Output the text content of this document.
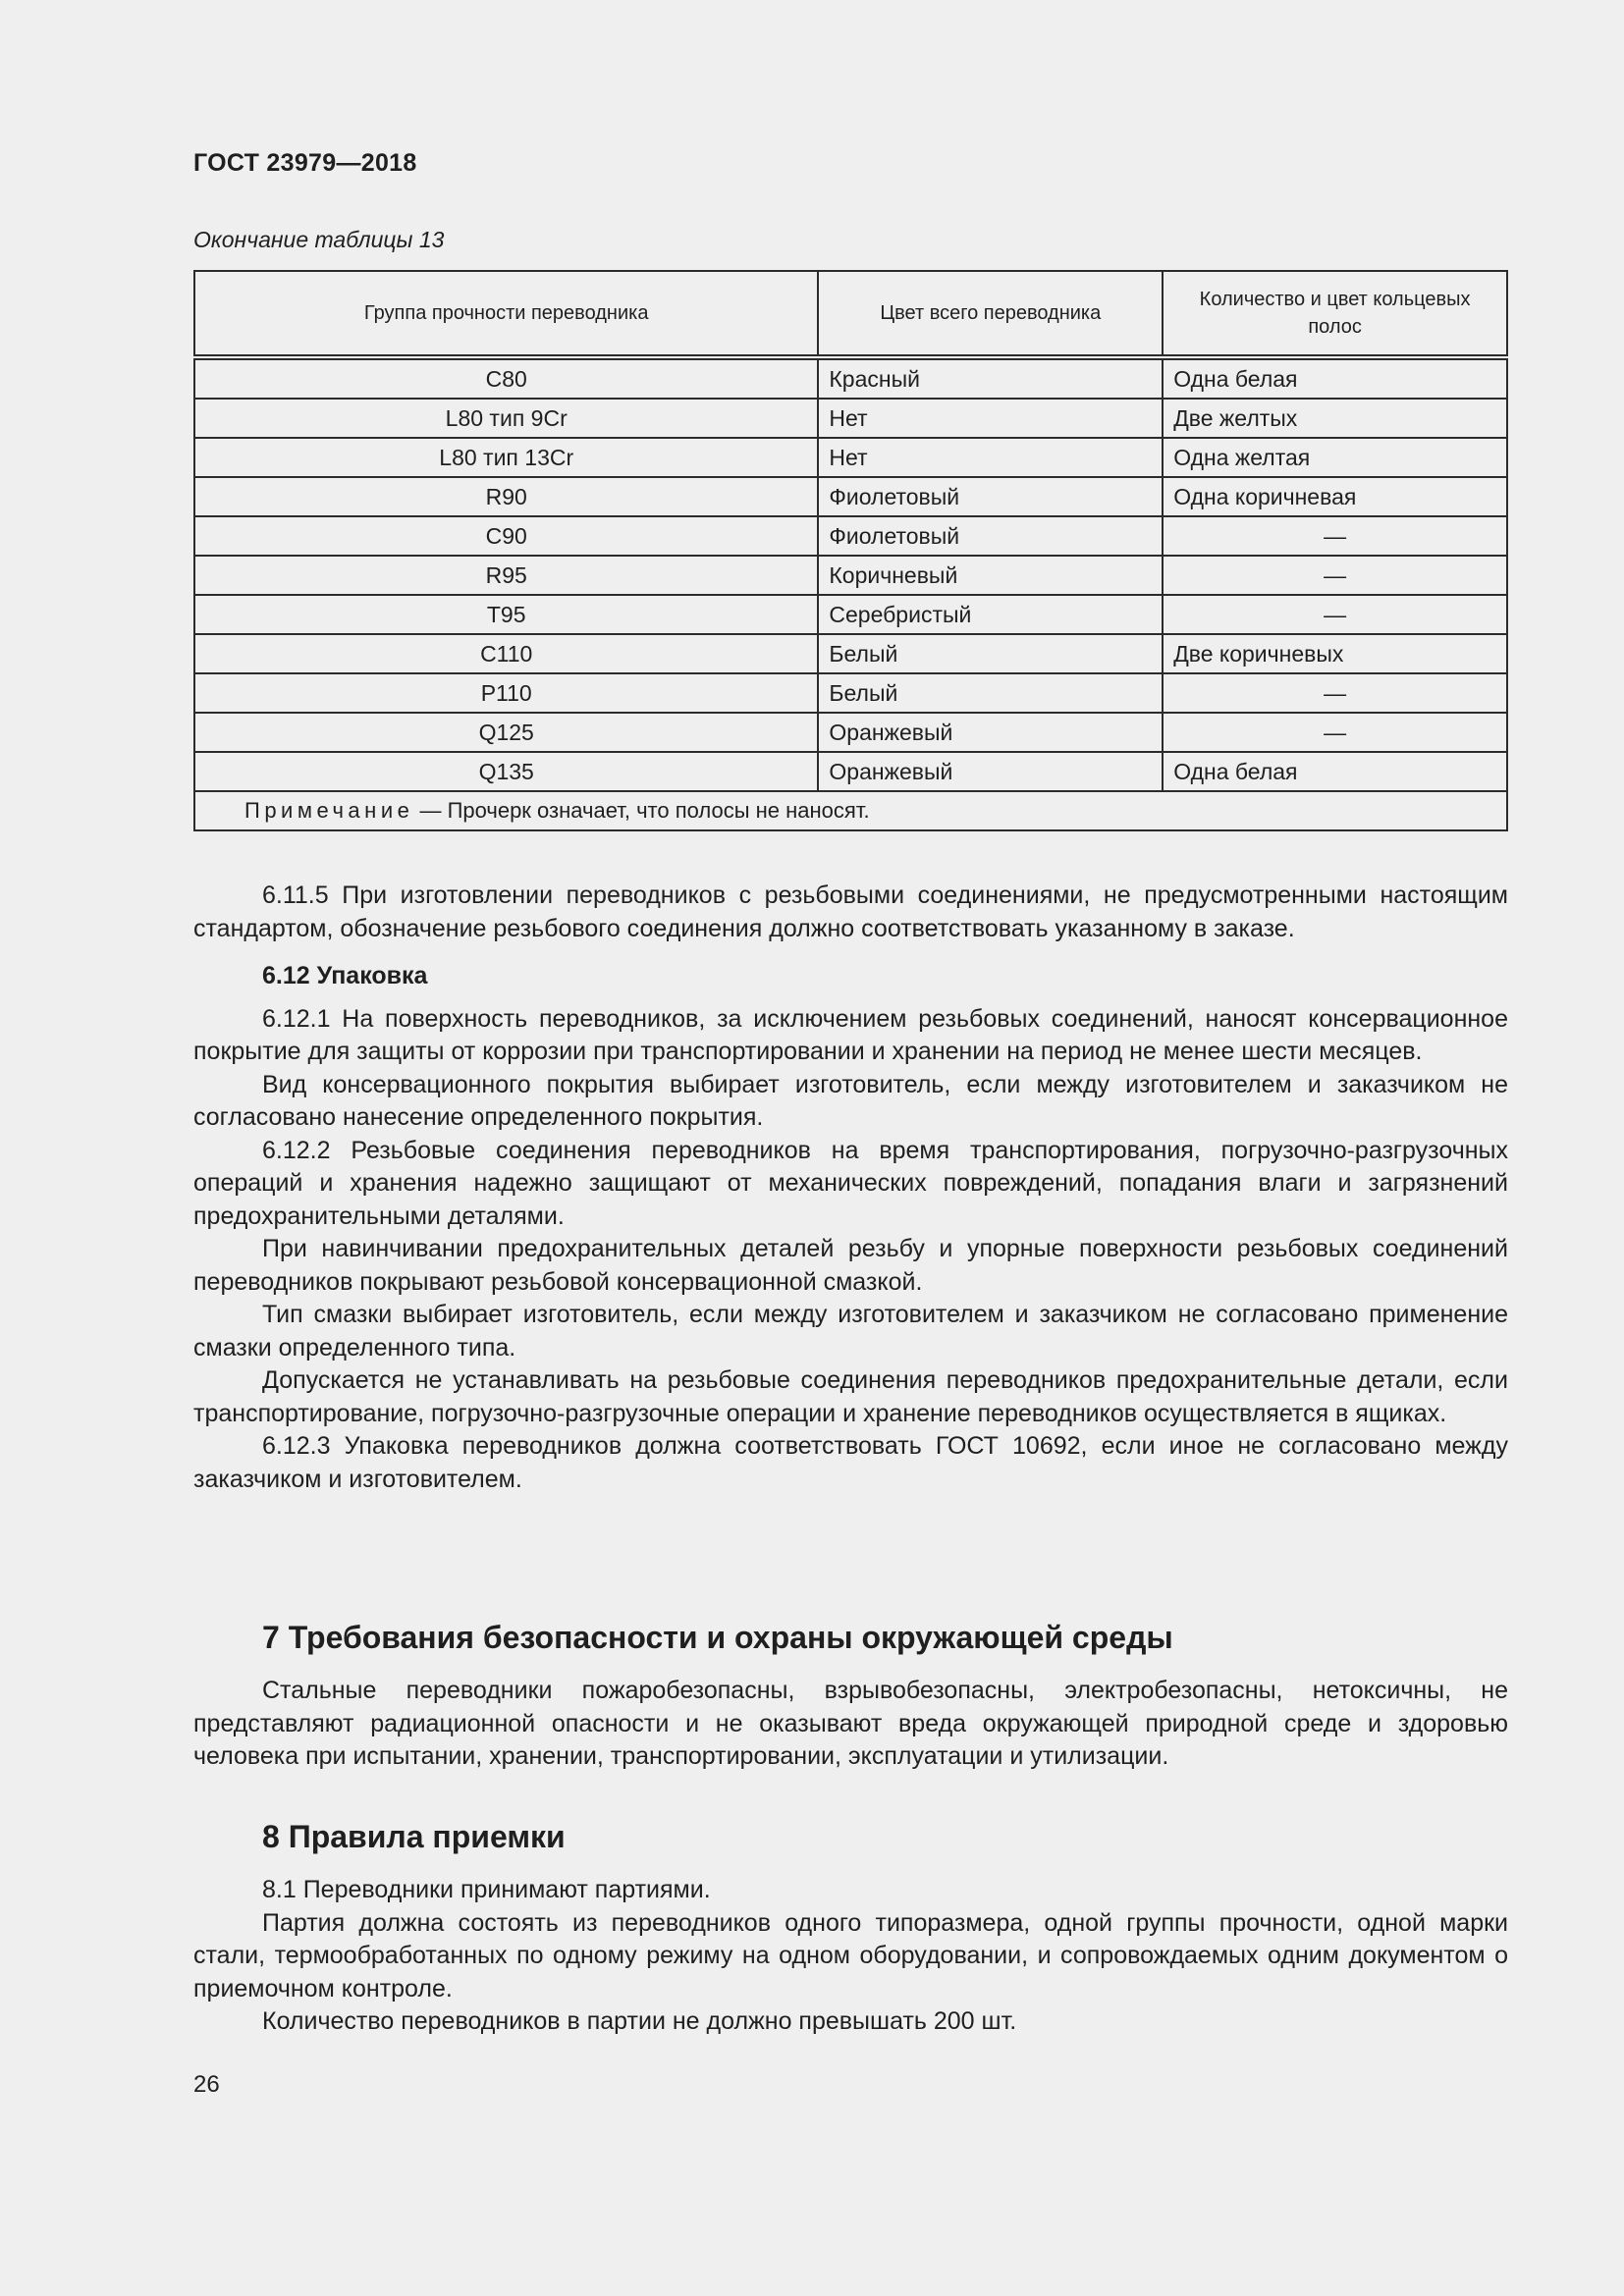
ГОСТ 23979—2018
Окончание таблицы 13
Группа прочности переводника	Цвет всего переводника	Количество и цвет кольцевых полос
C80	Красный	Одна белая
L80 тип 9Cr	Нет	Две желтых
L80 тип 13Cr	Нет	Одна желтая
R90	Фиолетовый	Одна коричневая
C90	Фиолетовый	—
R95	Коричневый	—
T95	Серебристый	—
C110	Белый	Две коричневых
P110	Белый	—
Q125	Оранжевый	—
Q135	Оранжевый	Одна белая
Примечание — Прочерк означает, что полосы не наносят.		

6.11.5 При изготовлении переводников с резьбовыми соединениями, не предусмотренными настоящим стандартом, обозначение резьбового соединения должно соответствовать указанному в заказе.

6.12 Упаковка

6.12.1 На поверхность переводников, за исключением резьбовых соединений, наносят консервационное покрытие для защиты от коррозии при транспортировании и хранении на период не менее шести месяцев.

Вид консервационного покрытия выбирает изготовитель, если между изготовителем и заказчиком не согласовано нанесение определенного покрытия.

6.12.2 Резьбовые соединения переводников на время транспортирования, погрузочно-разгрузочных операций и хранения надежно защищают от механических повреждений, попадания влаги и загрязнений предохранительными деталями.

При навинчивании предохранительных деталей резьбу и упорные поверхности резьбовых соединений переводников покрывают резьбовой консервационной смазкой.

Тип смазки выбирает изготовитель, если между изготовителем и заказчиком не согласовано применение смазки определенного типа.

Допускается не устанавливать на резьбовые соединения переводников предохранительные детали, если транспортирование, погрузочно-разгрузочные операции и хранение переводников осуществляется в ящиках.

6.12.3 Упаковка переводников должна соответствовать ГОСТ 10692, если иное не согласовано между заказчиком и изготовителем.

7 Требования безопасности и охраны окружающей среды

Стальные переводники пожаробезопасны, взрывобезопасны, электробезопасны, нетоксичны, не представляют радиационной опасности и не оказывают вреда окружающей природной среде и здоровью человека при испытании, хранении, транспортировании, эксплуатации и утилизации.

8 Правила приемки

8.1 Переводники принимают партиями.

Партия должна состоять из переводников одного типоразмера, одной группы прочности, одной марки стали, термообработанных по одному режиму на одном оборудовании, и сопровождаемых одним документом о приемочном контроле.

Количество переводников в партии не должно превышать 200 шт.

26
